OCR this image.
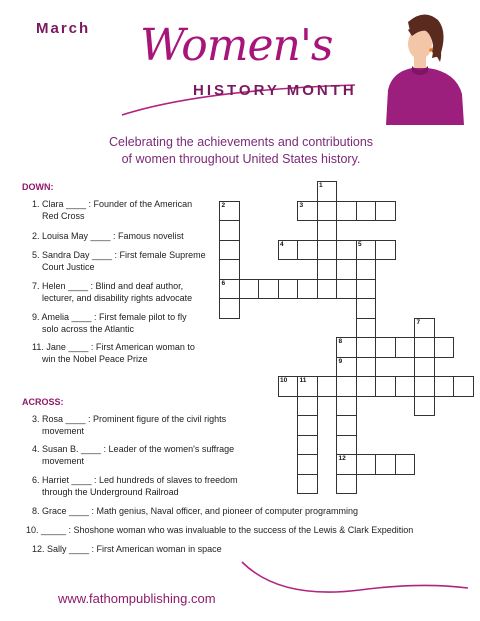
March Women's
HISTORY MONTH
Celebrating the achievements and contributions
of women throughout United States history.
DOWN:
1. Clara ____ : Founder of the American
Red Cross
2. Louisa May ____ : Famous novelist
5. Sandra Day ____ : First female Supreme
Court Justice
7. Helen ____ : Blind and deaf author,
lecturer, and disability rights advocate
9. Amelia ____ : First female pilot to fly
solo across the Atlantic
11. Jane ____ : First American woman to
win the Nobel Peace Prize
ACROSS:
3. Rosa ____ : Prominent figure of the civil rights
movement
4. Susan B. ____ : Leader of the women's suffrage
movement
6. Harriet ____ : Led hundreds of slaves to freedom
through the Underground Railroad
8. Grace ____ : Math genius, Naval officer, and pioneer of computer programming
10. _____ : Shoshone woman who was invaluable to the success of the Lewis & Clark Expedition
12. Sally ____ : First American woman in space
1
2
6
3
4	5
7
8
9
12
10 11
www.fathompublishing.com
